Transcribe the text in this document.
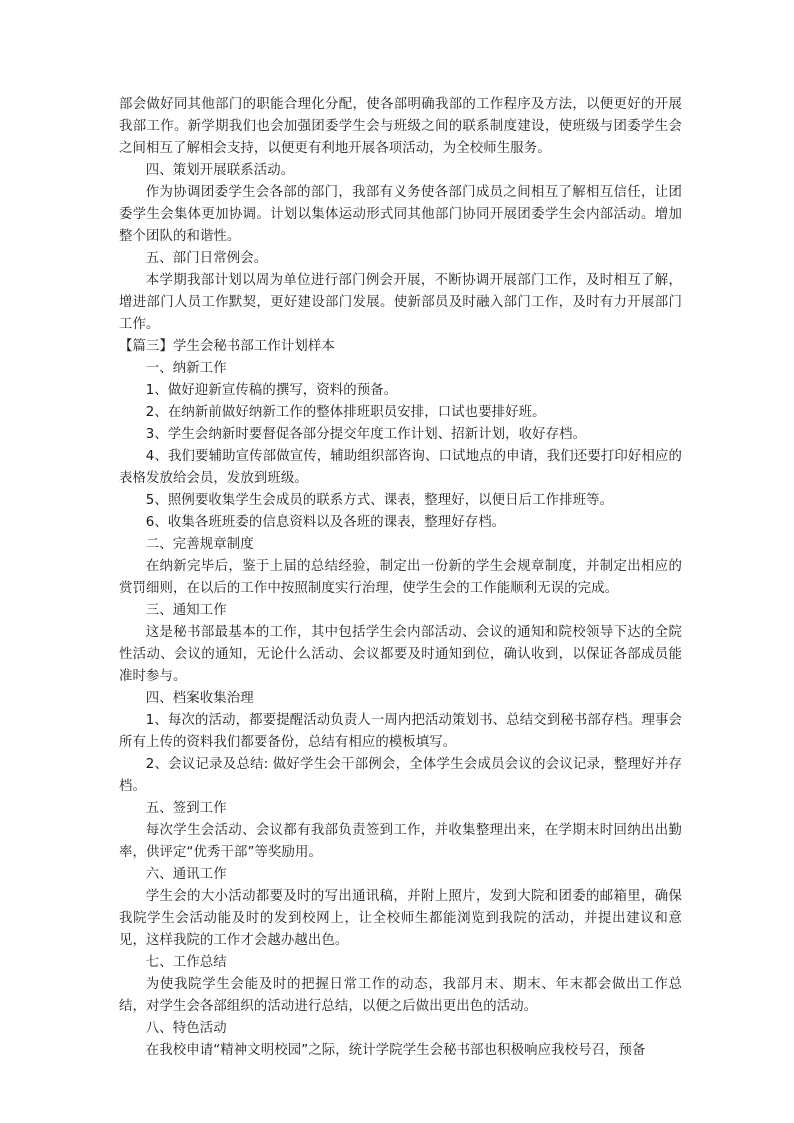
部会做好同其他部门的职能合理化分配，使各部明确我部的工作程序及方法，以便更好的开展我部工作。新学期我们也会加强团委学生会与班级之间的联系制度建设，使班级与团委学生会之间相互了解相会支持，以便更有利地开展各项活动，为全校师生服务。

四、策划开展联系活动。

作为协调团委学生会各部的部门，我部有义务使各部门成员之间相互了解相互信任，让团委学生会集体更加协调。计划以集体运动形式同其他部门协同开展团委学生会内部活动。增加整个团队的和谐性。

五、部门日常例会。

本学期我部计划以周为单位进行部门例会开展，不断协调开展部门工作，及时相互了解，增进部门人员工作默契，更好建设部门发展。使新部员及时融入部门工作，及时有力开展部门工作。

【篇三】学生会秘书部工作计划样本

一、纳新工作

1、做好迎新宣传稿的撰写，资料的预备。

2、在纳新前做好纳新工作的整体排班职员安排，口试也要排好班。

3、学生会纳新时要督促各部分提交年度工作计划、招新计划，收好存档。

4、我们要辅助宣传部做宣传，辅助组织部咨询、口试地点的申请，我们还要打印好相应的表格发放给会员，发放到班级。

5、照例要收集学生会成员的联系方式、课表，整理好，以便日后工作排班等。

6、收集各班班委的信息资料以及各班的课表，整理好存档。

二、完善规章制度

在纳新完毕后，鉴于上届的总结经验，制定出一份新的学生会规章制度，并制定出相应的赏罚细则，在以后的工作中按照制度实行治理，使学生会的工作能顺利无误的完成。

三、通知工作

这是秘书部最基本的工作，其中包括学生会内部活动、会议的通知和院校领导下达的全院性活动、会议的通知，无论什么活动、会议都要及时通知到位，确认收到，以保证各部成员能准时参与。

四、档案收集治理

1、每次的活动，都要提醒活动负责人一周内把活动策划书、总结交到秘书部存档。理事会所有上传的资料我们都要备份，总结有相应的模板填写。

2、会议记录及总结: 做好学生会干部例会，全体学生会成员会议的会议记录，整理好并存档。

五、签到工作

每次学生会活动、会议都有我部负责签到工作，并收集整理出来，在学期末时回纳出出勤率，供评定“优秀干部”等奖励用。

六、通讯工作

学生会的大小活动都要及时的写出通讯稿，并附上照片，发到大院和团委的邮箱里，确保我院学生会活动能及时的发到校网上，让全校师生都能浏览到我院的活动，并提出建议和意见，这样我院的工作才会越办越出色。

七、工作总结

为使我院学生会能及时的把握日常工作的动态，我部月末、期末、年末都会做出工作总结，对学生会各部组织的活动进行总结，以便之后做出更出色的活动。

八、特色活动

在我校申请“精神文明校园”之际，统计学院学生会秘书部也积极响应我校号召，预备
